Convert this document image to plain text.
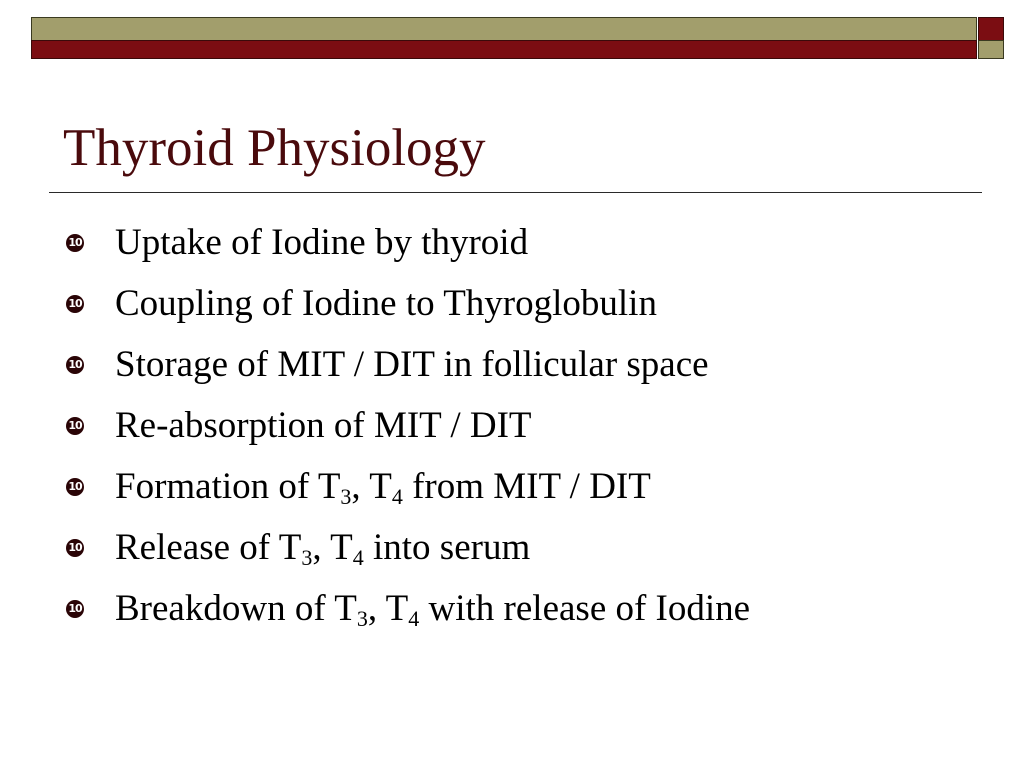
Thyroid Physiology
10 Uptake of Iodine by thyroid
10 Coupling of Iodine to Thyroglobulin
10 Storage of MIT / DIT in follicular space
10 Re-absorption of MIT / DIT
10 Formation of $T_3$, $T_4$ from MIT / DIT
10 Release of $T_3$, $T_4$ into serum
10 Breakdown of $T_3$, $T_4$ with release of Iodine
